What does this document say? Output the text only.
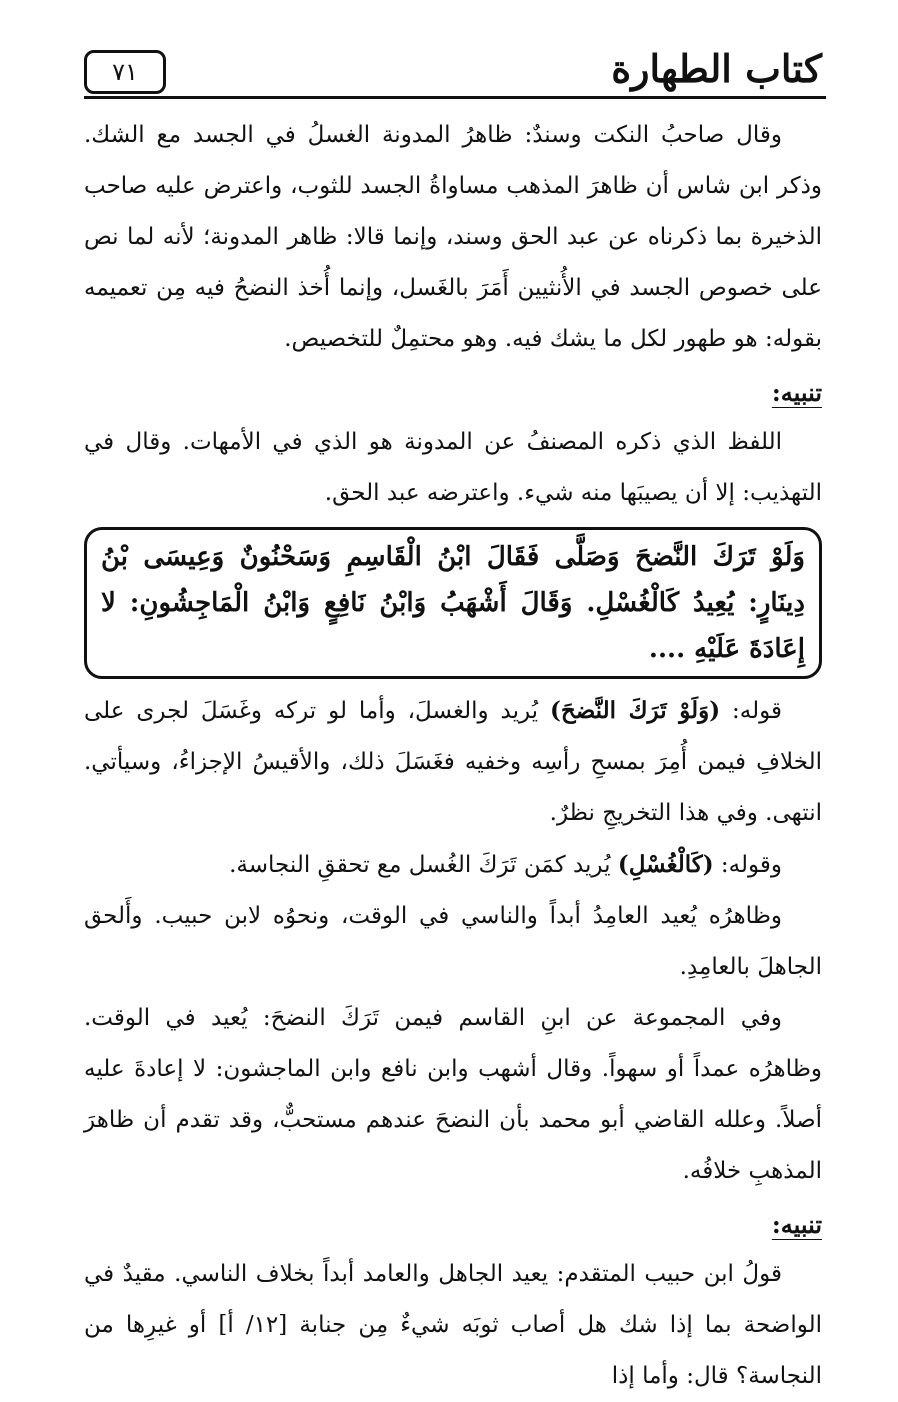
كتاب الطهارة
٧١

وقال صاحبُ النكت وسندٌ: ظاهرُ المدونة الغسلُ في الجسد مع الشك. وذكر ابن شاس أن ظاهرَ المذهب مساواةُ الجسد للثوب، واعترض عليه صاحب الذخيرة بما ذكرناه عن عبد الحق وسند، وإنما قالا: ظاهر المدونة؛ لأنه لما نص على خصوص الجسد في الأُنثيين أَمَرَ بالغَسل، وإنما أُخذ النضحُ فيه مِن تعميمه بقوله: هو طهور لكل ما يشك فيه. وهو محتمِلٌ للتخصيص.

تنبيه:

اللفظ الذي ذكره المصنفُ عن المدونة هو الذي في الأمهات. وقال في التهذيب: إلا أن يصيبَها منه شيء. واعترضه عبد الحق.

وَلَوْ تَرَكَ النَّضحَ وَصَلَّى فَقَالَ ابْنُ الْقَاسِمِ وَسَحْنُونٌ وَعِيسَى بْنُ دِينَارٍ: يُعِيدُ كَالْغُسْلِ. وَقَالَ أَشْهَبُ وَابْنُ نَافِعٍ وَابْنُ الْمَاجِشُونِ: لا إِعَادَةَ عَلَيْهِ ....

قوله: (وَلَوْ تَرَكَ النَّضحَ) يُريد والغسلَ، وأما لو تركه وغَسَلَ لجرى على الخلافِ فيمن أُمِرَ بمسحِ رأسِه وخفيه فغَسَلَ ذلك، والأقيسُ الإجزاءُ، وسيأتي. انتهى. وفي هذا التخريجِ نظرٌ.

وقوله: (كَالْغُسْلِ) يُريد كمَن تَرَكَ الغُسل مع تحققِ النجاسة.

وظاهرُه يُعيد العامِدُ أبداً والناسي في الوقت، ونحوُه لابن حبيب. وأَلحق الجاهلَ بالعامِدِ.

وفي المجموعة عن ابنِ القاسم فيمن تَرَكَ النضحَ: يُعيد في الوقت. وظاهرُه عمداً أو سهواً. وقال أشهب وابن نافع وابن الماجشون: لا إعادةَ عليه أصلاً. وعلله القاضي أبو محمد بأن النضحَ عندهم مستحبٌّ، وقد تقدم أن ظاهرَ المذهبِ خلافُه.

تنبيه:

قولُ ابن حبيب المتقدم: يعيد الجاهل والعامد أبداً بخلاف الناسي. مقيدٌ في الواضحة بما إذا شك هل أصاب ثوبَه شيءٌ مِن جنابة [١٢/ أ] أو غيرِها من النجاسة؟ قال: وأما إذا
